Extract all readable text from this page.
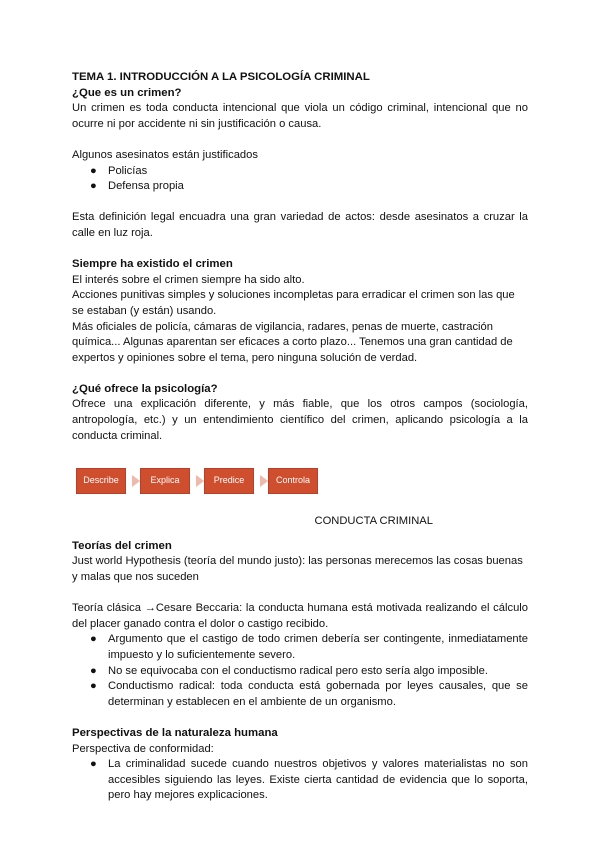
TEMA 1. INTRODUCCIÓN A LA PSICOLOGÍA CRIMINAL

¿Que es un crimen?

Un crimen es toda conducta intencional que viola un código criminal, intencional que no ocurre ni por accidente ni sin justificación o causa.

Algunos asesinatos están justificados

● Policías
● Defensa propia

Esta definición legal encuadra una gran variedad de actos: desde asesinatos a cruzar la calle en luz roja.

Siempre ha existido el crimen

El interés sobre el crimen siempre ha sido alto.

Acciones punitivas simples y soluciones incompletas para erradicar el crimen son las que se estaban (y están) usando.

Más oficiales de policía, cámaras de vigilancia, radares, penas de muerte, castración química... Algunas aparentan ser eficaces a corto plazo... Tenemos una gran cantidad de expertos y opiniones sobre el tema, pero ninguna solución de verdad.

¿Qué ofrece la psicología?

Ofrece una explicación diferente, y más fiable, que los otros campos (sociología, antropología, etc.) y un entendimiento científico del crimen, aplicando psicología a la conducta criminal.

Describe	Explica	Predice	Controla

CONDUCTA CRIMINAL

Teorías del crimen

Just world Hypothesis (teoría del mundo justo): las personas merecemos las cosas buenas y malas que nos suceden

Teoría clásica →Cesare Beccaria: la conducta humana está motivada realizando el cálculo del placer ganado contra el dolor o castigo recibido.

● Argumento que el castigo de todo crimen debería ser contingente, inmediatamente impuesto y lo suficientemente severo.
● No se equivocaba con el conductismo radical pero esto sería algo imposible.
● Conductismo radical: toda conducta está gobernada por leyes causales, que se determinan y establecen en el ambiente de un organismo.

Perspectivas de la naturaleza humana

Perspectiva de conformidad:

● La criminalidad sucede cuando nuestros objetivos y valores materialistas no son accesibles siguiendo las leyes. Existe cierta cantidad de evidencia que lo soporta, pero hay mejores explicaciones.
